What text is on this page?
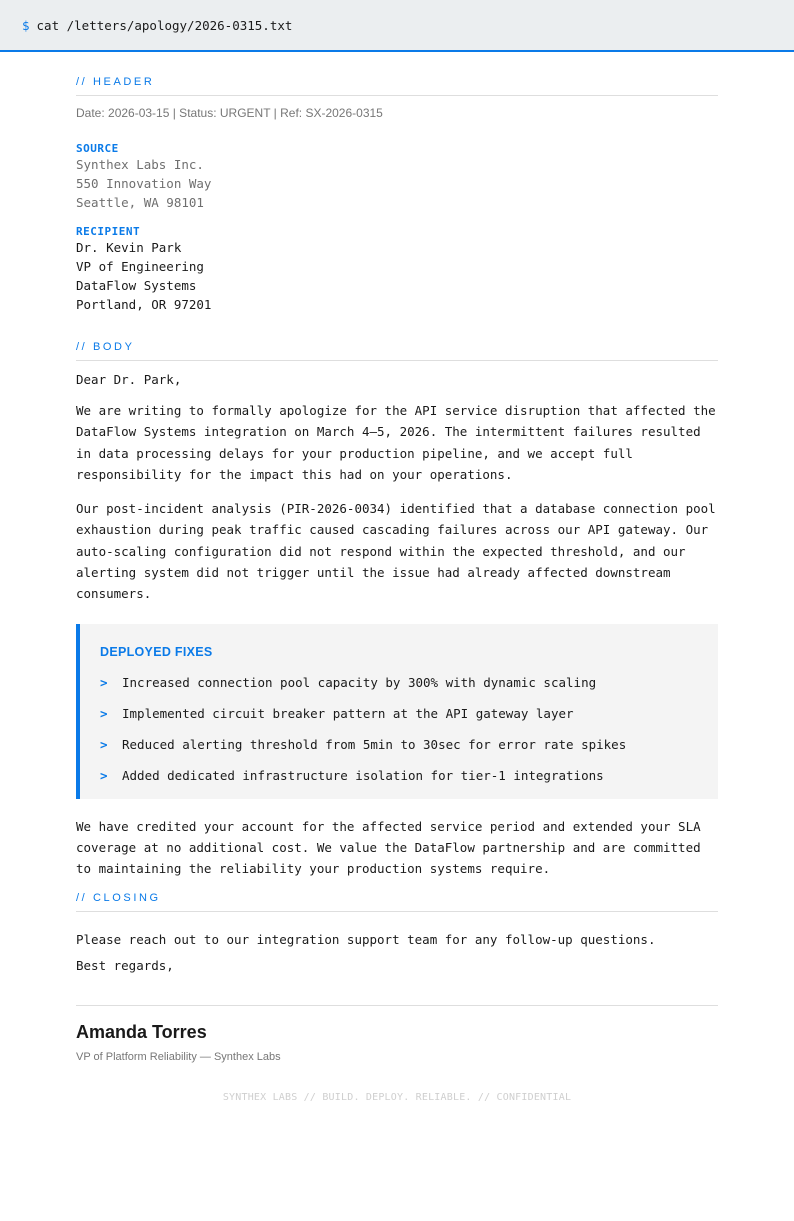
$ cat /letters/apology/2026-0315.txt
// HEADER
Date: 2026-03-15 | Status: URGENT | Ref: SX-2026-0315
SOURCE
Synthex Labs Inc.
550 Innovation Way
Seattle, WA 98101
RECIPIENT
Dr. Kevin Park
VP of Engineering
DataFlow Systems
Portland, OR 97201
// BODY
Dear Dr. Park,

We are writing to formally apologize for the API service disruption that affected the DataFlow Systems integration on March 4–5, 2026. The intermittent failures resulted in data processing delays for your production pipeline, and we accept full responsibility for the impact this had on your operations.

Our post-incident analysis (PIR-2026-0034) identified that a database connection pool exhaustion during peak traffic caused cascading failures across our API gateway. Our auto-scaling configuration did not respond within the expected threshold, and our alerting system did not trigger until the issue had already affected downstream consumers.

DEPLOYED FIXES
>	Increased connection pool capacity by 300% with dynamic scaling
>	Implemented circuit breaker pattern at the API gateway layer
>	Reduced alerting threshold from 5min to 30sec for error rate spikes
>	Added dedicated infrastructure isolation for tier-1 integrations

We have credited your account for the affected service period and extended your SLA coverage at no additional cost. We value the DataFlow partnership and are committed to maintaining the reliability your production systems require.

// CLOSING
Please reach out to our integration support team for any follow-up questions.
Best regards,
Amanda Torres
VP of Platform Reliability — Synthex Labs
SYNTHEX LABS // BUILD. DEPLOY. RELIABLE. // CONFIDENTIAL
